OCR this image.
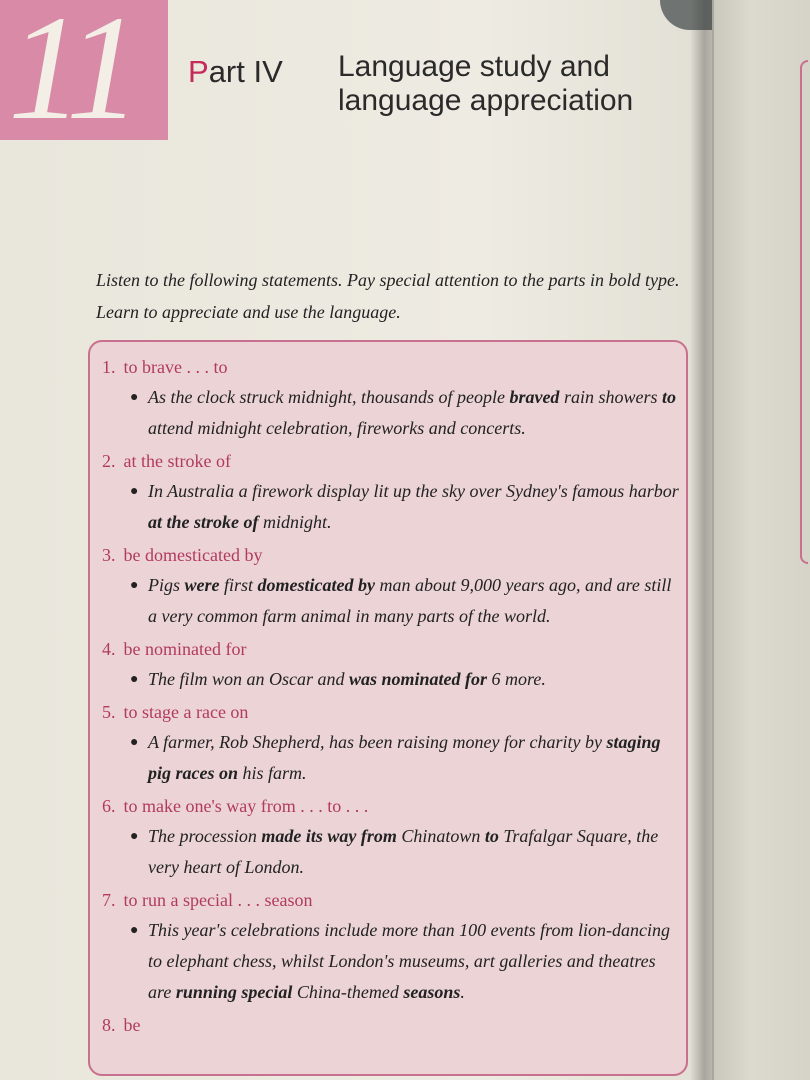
11 Part IV Language study and language appreciation
Listen to the following statements. Pay special attention to the parts in bold type. Learn to appreciate and use the language.
1. to brave . . . to
● As the clock struck midnight, thousands of people braved rain showers to attend midnight celebration, fireworks and concerts.
2. at the stroke of
● In Australia a firework display lit up the sky over Sydney's famous harbor at the stroke of midnight.
3. be domesticated by
● Pigs were first domesticated by man about 9,000 years ago, and are still a very common farm animal in many parts of the world.
4. be nominated for
● The film won an Oscar and was nominated for 6 more.
5. to stage a race on
● A farmer, Rob Shepherd, has been raising money for charity by staging pig races on his farm.
6. to make one's way from . . . to . . .
● The procession made its way from Chinatown to Trafalgar Square, the very heart of London.
7. to run a special . . . season
● This year's celebrations include more than 100 events from lion-dancing to elephant chess, whilst London's museums, art galleries and theatres are running special China-themed seasons.
8. be
